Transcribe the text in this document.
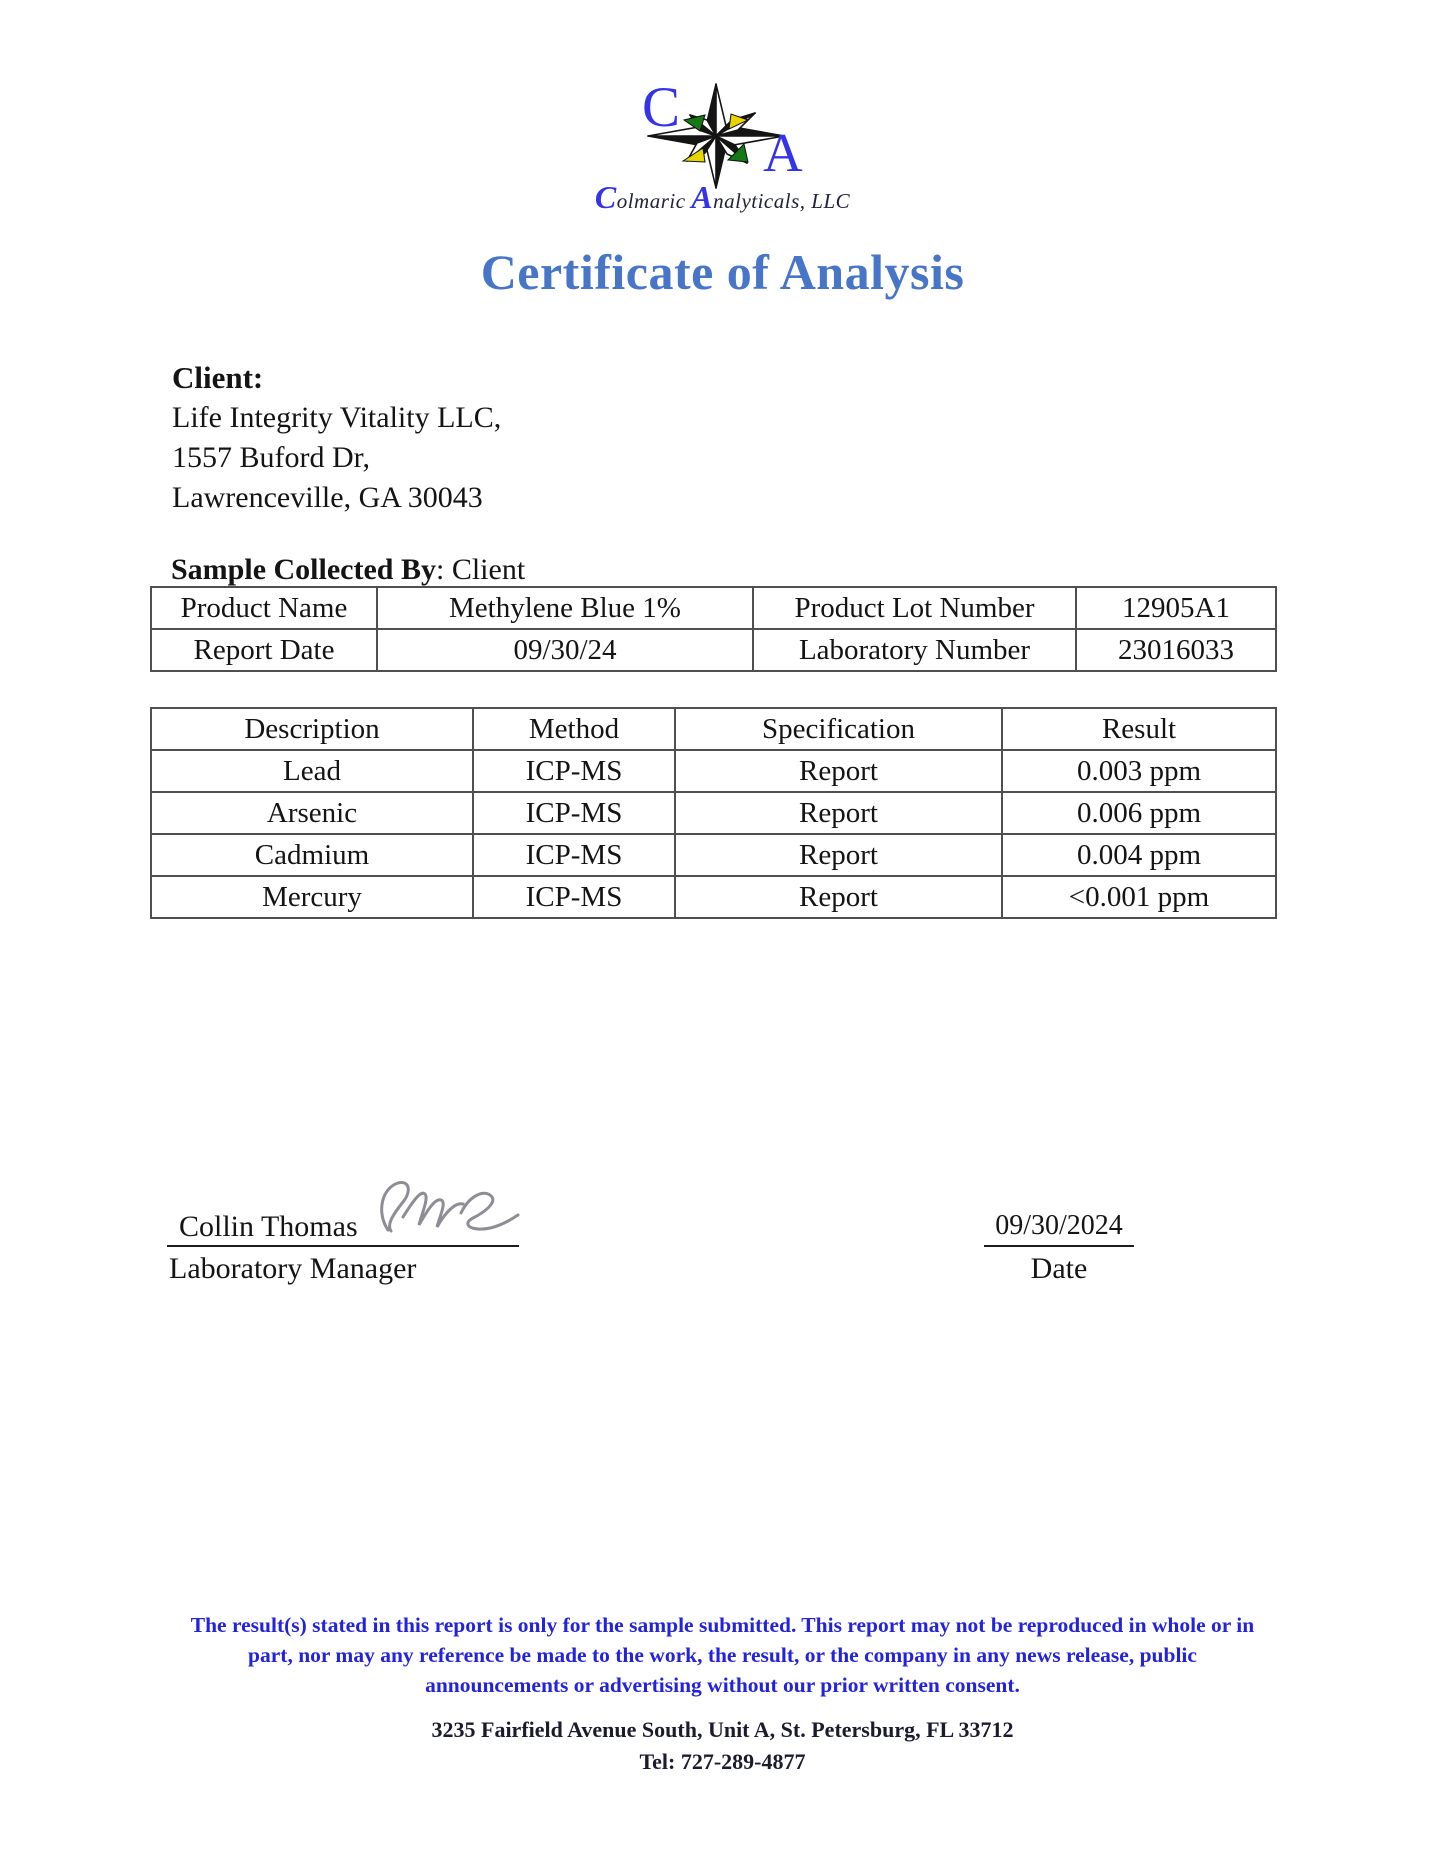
C
A
Colmaric Analyticals, LLC
Certificate of Analysis
Client:
Life Integrity Vitality LLC,
1557 Buford Dr,
Lawrenceville, GA 30043
Sample Collected By: Client
Product Name	Methylene Blue 1%	Product Lot Number	12905A1
Report Date	09/30/24	Laboratory Number	23016033
Description	Method	Specification	Result
Lead	ICP-MS	Report	0.003 ppm
Arsenic	ICP-MS	Report	0.006 ppm
Cadmium	ICP-MS	Report	0.004 ppm
Mercury	ICP-MS	Report	<0.001 ppm
Collin Thomas
Laboratory Manager
09/30/2024
Date
The result(s) stated in this report is only for the sample submitted. This report may not be reproduced in whole or in
part, nor may any reference be made to the work, the result, or the company in any news release, public
announcements or advertising without our prior written consent.
3235 Fairfield Avenue South, Unit A, St. Petersburg, FL 33712
Tel: 727-289-4877
